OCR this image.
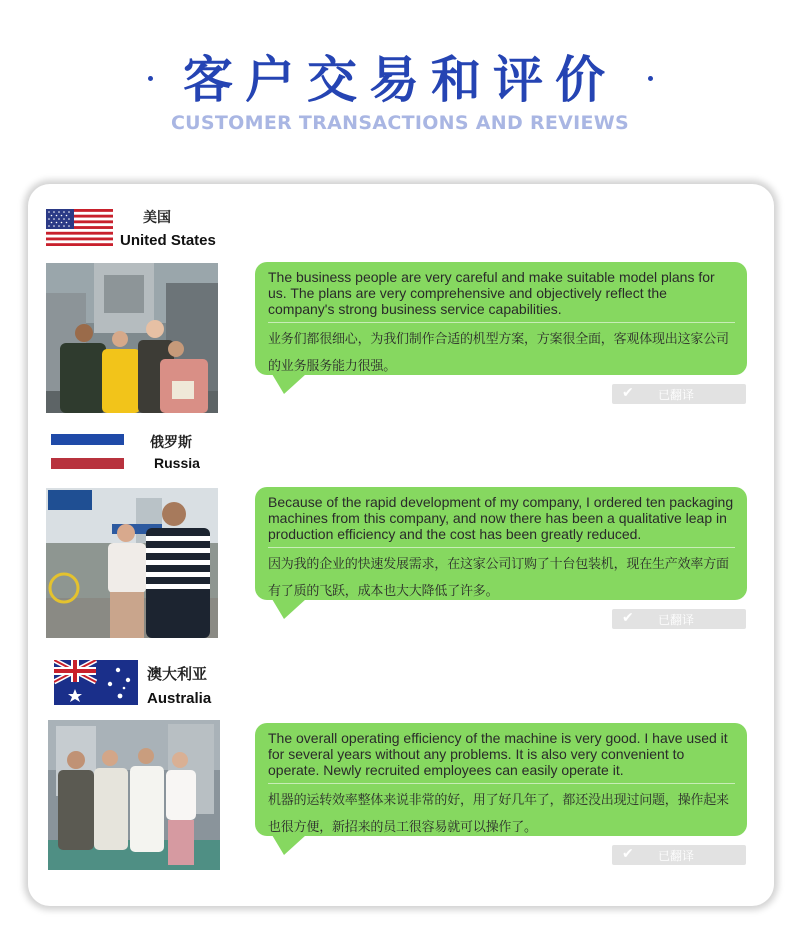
客户交易和评价
CUSTOMER TRANSACTIONS AND REVIEWS
美国
United States
The business people are very careful and make suitable model plans for us. The plans are very comprehensive and objectively reflect the company's strong business service capabilities.
业务们都很细心，为我们制作合适的机型方案，方案很全面，客观体现出这家公司的业务服务能力很强。
✔ 已翻译
俄罗斯
Russia
Because of the rapid development of my company, I ordered ten packaging machines from this company, and now there has been a qualitative leap in production efficiency and the cost has been greatly reduced.
因为我的企业的快速发展需求，在这家公司订购了十台包装机，现在生产效率方面有了质的飞跃，成本也大大降低了许多。
✔ 已翻译
澳大利亚
Australia
The overall operating efficiency of the machine is very good. I have used it for several years without any problems. It is also very convenient to operate. Newly recruited employees can easily operate it.
机器的运转效率整体来说非常的好，用了好几年了，都还没出现过问题，操作起来也很方便，新招来的员工很容易就可以操作了。
✔ 已翻译
